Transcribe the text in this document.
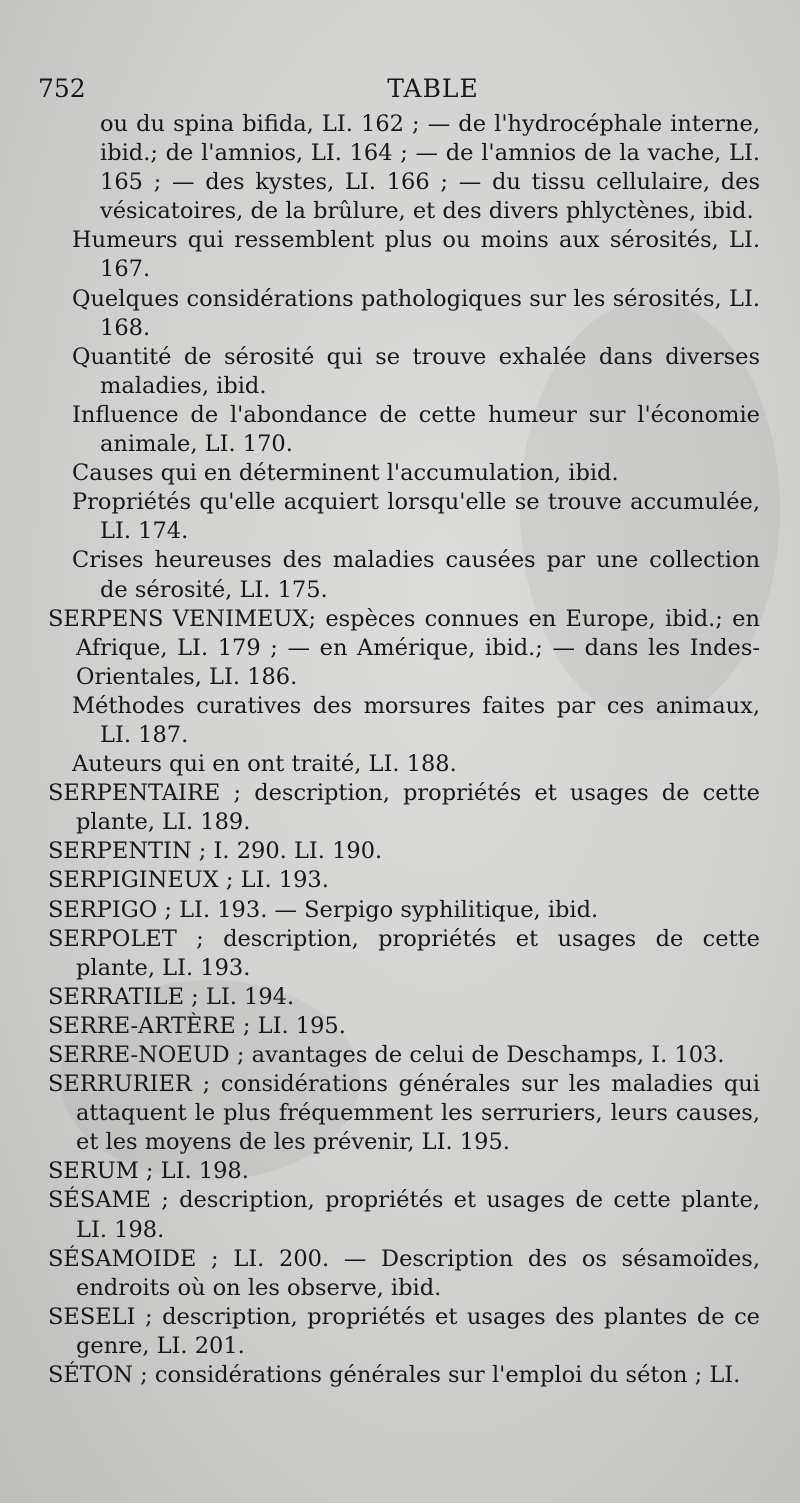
752	TABLE

ou du spina bifida, LI. 162 ; — de l'hydrocéphale interne, ibid.; de l'amnios, LI. 164 ; — de l'amnios de la vache, LI. 165 ; — des kystes, LI. 166 ; — du tissu cellulaire, des vésicatoires, de la brûlure, et des divers phlyctènes, ibid.

Humeurs qui ressemblent plus ou moins aux sérosités, LI. 167.

Quelques considérations pathologiques sur les sérosités, LI. 168.

Quantité de sérosité qui se trouve exhalée dans diverses maladies, ibid.

Influence de l'abondance de cette humeur sur l'économie animale, LI. 170.

Causes qui en déterminent l'accumulation, ibid.

Propriétés qu'elle acquiert lorsqu'elle se trouve accumulée, LI. 174.

Crises heureuses des maladies causées par une collection de sérosité, LI. 175.

SERPENS VENIMEUX; espèces connues en Europe, ibid.; en Afrique, LI. 179 ; — en Amérique, ibid.; — dans les Indes-Orientales, LI. 186.

Méthodes curatives des morsures faites par ces animaux, LI. 187.

Auteurs qui en ont traité, LI. 188.

SERPENTAIRE ; description, propriétés et usages de cette plante, LI. 189.

SERPENTIN ; I. 290. LI. 190.

SERPIGINEUX ; LI. 193.

SERPIGO ; LI. 193. — Serpigo syphilitique, ibid.

SERPOLET ; description, propriétés et usages de cette plante, LI. 193.

SERRATILE ; LI. 194.

SERRE-ARTÈRE ; LI. 195.

SERRE-NOEUD ; avantages de celui de Deschamps, I. 103.

SERRURIER ; considérations générales sur les maladies qui attaquent le plus fréquemment les serruriers, leurs causes, et les moyens de les prévenir, LI. 195.

SERUM ; LI. 198.

SÉSAME ; description, propriétés et usages de cette plante, LI. 198.

SÉSAMOIDE ; LI. 200. — Description des os sésamoïdes, endroits où on les observe, ibid.

SESELI ; description, propriétés et usages des plantes de ce genre, LI. 201.

SÉTON ; considérations générales sur l'emploi du séton ; LI.
